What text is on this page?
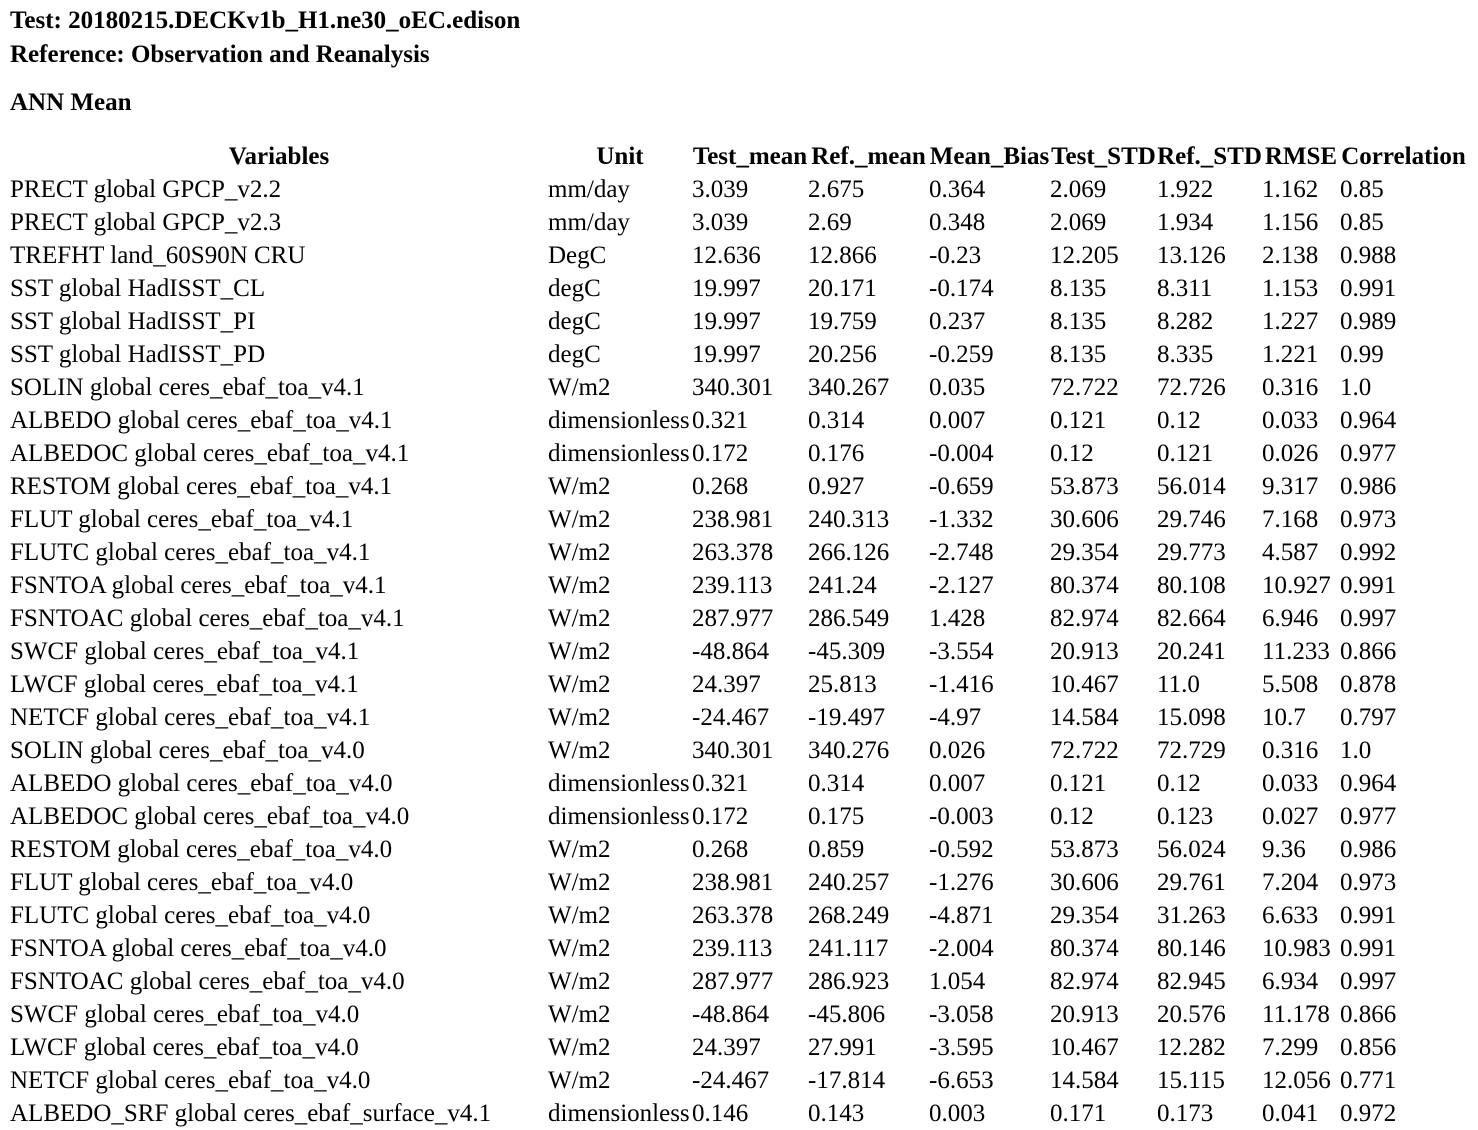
Test: 20180215.DECKv1b_H1.ne30_oEC.edison
Reference: Observation and Reanalysis
ANN Mean
Variables	Unit	Test_mean	Ref._mean	Mean_Bias	Test_STD	Ref._STD	RMSE	Correlation
PRECT global GPCP_v2.2	mm/day	3.039	2.675	0.364	2.069	1.922	1.162	0.85
PRECT global GPCP_v2.3	mm/day	3.039	2.69	0.348	2.069	1.934	1.156	0.85
TREFHT land_60S90N CRU	DegC	12.636	12.866	-0.23	12.205	13.126	2.138	0.988
SST global HadISST_CL	degC	19.997	20.171	-0.174	8.135	8.311	1.153	0.991
SST global HadISST_PI	degC	19.997	19.759	0.237	8.135	8.282	1.227	0.989
SST global HadISST_PD	degC	19.997	20.256	-0.259	8.135	8.335	1.221	0.99
SOLIN global ceres_ebaf_toa_v4.1	W/m2	340.301	340.267	0.035	72.722	72.726	0.316	1.0
ALBEDO global ceres_ebaf_toa_v4.1	dimensionless	0.321	0.314	0.007	0.121	0.12	0.033	0.964
ALBEDOC global ceres_ebaf_toa_v4.1	dimensionless	0.172	0.176	-0.004	0.12	0.121	0.026	0.977
RESTOM global ceres_ebaf_toa_v4.1	W/m2	0.268	0.927	-0.659	53.873	56.014	9.317	0.986
FLUT global ceres_ebaf_toa_v4.1	W/m2	238.981	240.313	-1.332	30.606	29.746	7.168	0.973
FLUTC global ceres_ebaf_toa_v4.1	W/m2	263.378	266.126	-2.748	29.354	29.773	4.587	0.992
FSNTOA global ceres_ebaf_toa_v4.1	W/m2	239.113	241.24	-2.127	80.374	80.108	10.927	0.991
FSNTOAC global ceres_ebaf_toa_v4.1	W/m2	287.977	286.549	1.428	82.974	82.664	6.946	0.997
SWCF global ceres_ebaf_toa_v4.1	W/m2	-48.864	-45.309	-3.554	20.913	20.241	11.233	0.866
LWCF global ceres_ebaf_toa_v4.1	W/m2	24.397	25.813	-1.416	10.467	11.0	5.508	0.878
NETCF global ceres_ebaf_toa_v4.1	W/m2	-24.467	-19.497	-4.97	14.584	15.098	10.7	0.797
SOLIN global ceres_ebaf_toa_v4.0	W/m2	340.301	340.276	0.026	72.722	72.729	0.316	1.0
ALBEDO global ceres_ebaf_toa_v4.0	dimensionless	0.321	0.314	0.007	0.121	0.12	0.033	0.964
ALBEDOC global ceres_ebaf_toa_v4.0	dimensionless	0.172	0.175	-0.003	0.12	0.123	0.027	0.977
RESTOM global ceres_ebaf_toa_v4.0	W/m2	0.268	0.859	-0.592	53.873	56.024	9.36	0.986
FLUT global ceres_ebaf_toa_v4.0	W/m2	238.981	240.257	-1.276	30.606	29.761	7.204	0.973
FLUTC global ceres_ebaf_toa_v4.0	W/m2	263.378	268.249	-4.871	29.354	31.263	6.633	0.991
FSNTOA global ceres_ebaf_toa_v4.0	W/m2	239.113	241.117	-2.004	80.374	80.146	10.983	0.991
FSNTOAC global ceres_ebaf_toa_v4.0	W/m2	287.977	286.923	1.054	82.974	82.945	6.934	0.997
SWCF global ceres_ebaf_toa_v4.0	W/m2	-48.864	-45.806	-3.058	20.913	20.576	11.178	0.866
LWCF global ceres_ebaf_toa_v4.0	W/m2	24.397	27.991	-3.595	10.467	12.282	7.299	0.856
NETCF global ceres_ebaf_toa_v4.0	W/m2	-24.467	-17.814	-6.653	14.584	15.115	12.056	0.771
ALBEDO_SRF global ceres_ebaf_surface_v4.1	dimensionless	0.146	0.143	0.003	0.171	0.173	0.041	0.972
